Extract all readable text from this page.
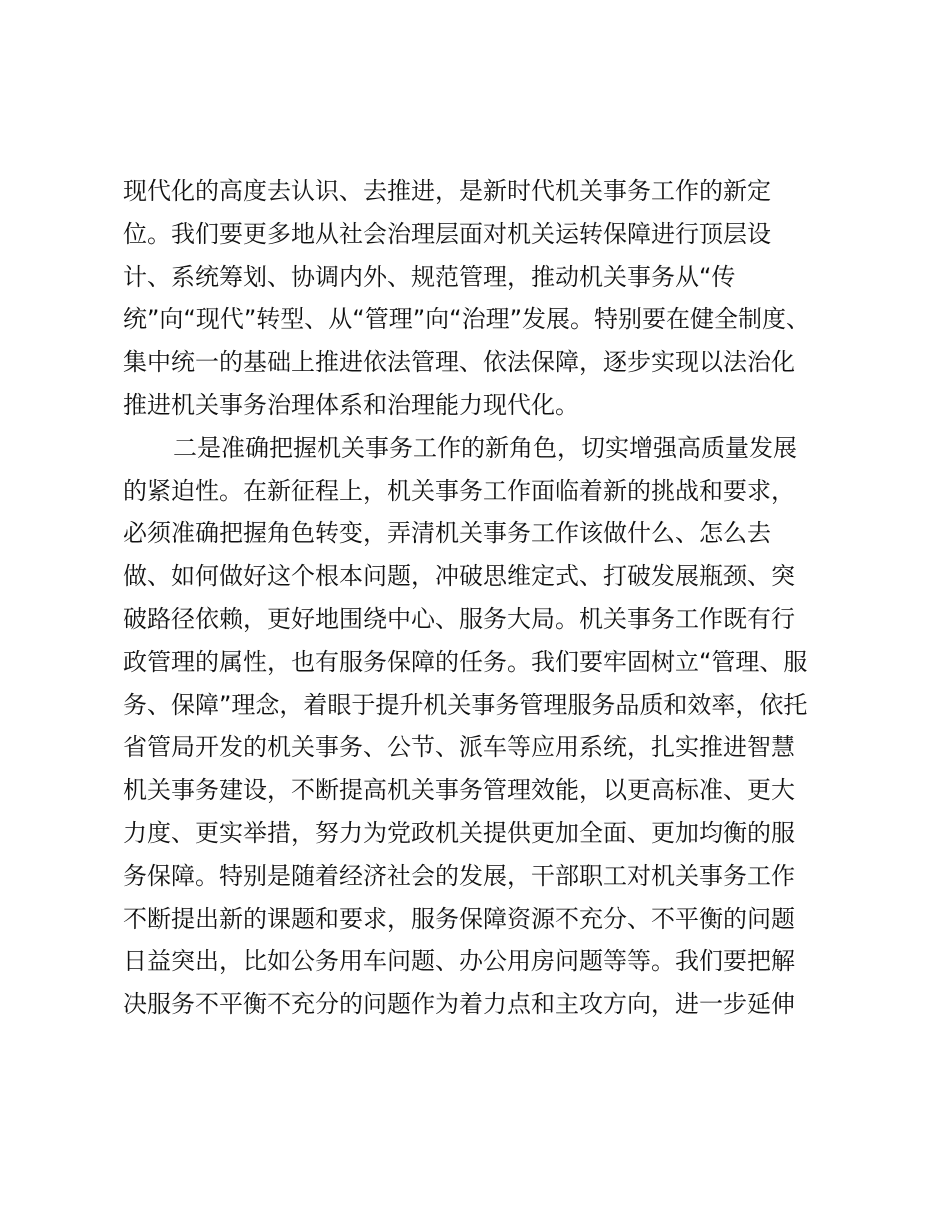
现代化的高度去认识、去推进，是新时代机关事务工作的新定
位。我们要更多地从社会治理层面对机关运转保障进行顶层设
计、系统筹划、协调内外、规范管理，推动机关事务从“传
统”向“现代”转型、从“管理”向“治理”发展。特别要在健全制度、
集中统一的基础上推进依法管理、依法保障，逐步实现以法治化
推进机关事务治理体系和治理能力现代化。
二是准确把握机关事务工作的新角色，切实增强高质量发展
的紧迫性。在新征程上，机关事务工作面临着新的挑战和要求，
必须准确把握角色转变，弄清机关事务工作该做什么、怎么去
做、如何做好这个根本问题，冲破思维定式、打破发展瓶颈、突
破路径依赖，更好地围绕中心、服务大局。机关事务工作既有行
政管理的属性，也有服务保障的任务。我们要牢固树立“管理、服
务、保障”理念，着眼于提升机关事务管理服务品质和效率，依托
省管局开发的机关事务、公节、派车等应用系统，扎实推进智慧
机关事务建设，不断提高机关事务管理效能，以更高标准、更大
力度、更实举措，努力为党政机关提供更加全面、更加均衡的服
务保障。特别是随着经济社会的发展，干部职工对机关事务工作
不断提出新的课题和要求，服务保障资源不充分、不平衡的问题
日益突出，比如公务用车问题、办公用房问题等等。我们要把解
决服务不平衡不充分的问题作为着力点和主攻方向，进一步延伸
